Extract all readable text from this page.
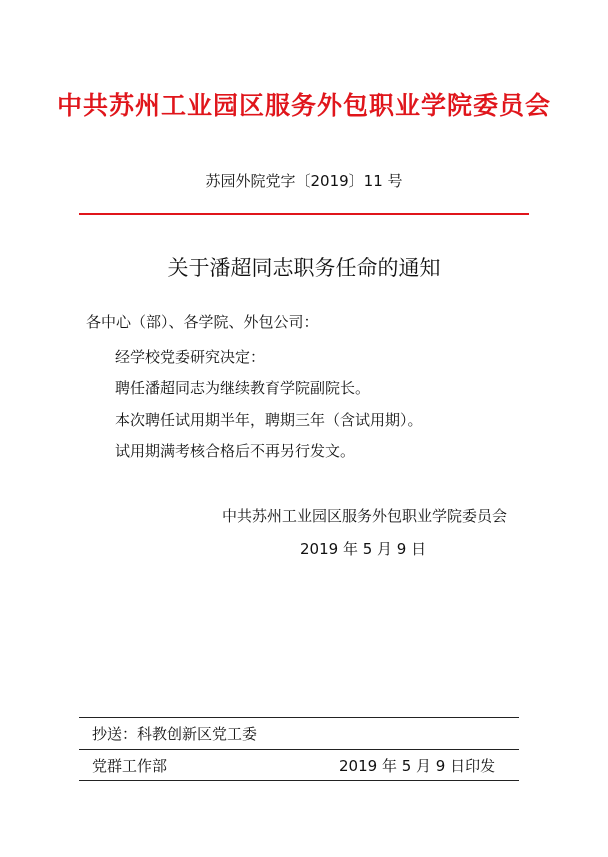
中共苏州工业园区服务外包职业学院委员会
苏园外院党字〔2019〕11 号
关于潘超同志职务任命的通知
各中心（部）、各学院、外包公司：
经学校党委研究决定：
聘任潘超同志为继续教育学院副院长。
本次聘任试用期半年，聘期三年（含试用期）。
试用期满考核合格后不再另行发文。
中共苏州工业园区服务外包职业学院委员会
2019 年 5 月 9 日
抄送：科教创新区党工委
党群工作部	2019 年 5 月 9 日印发
